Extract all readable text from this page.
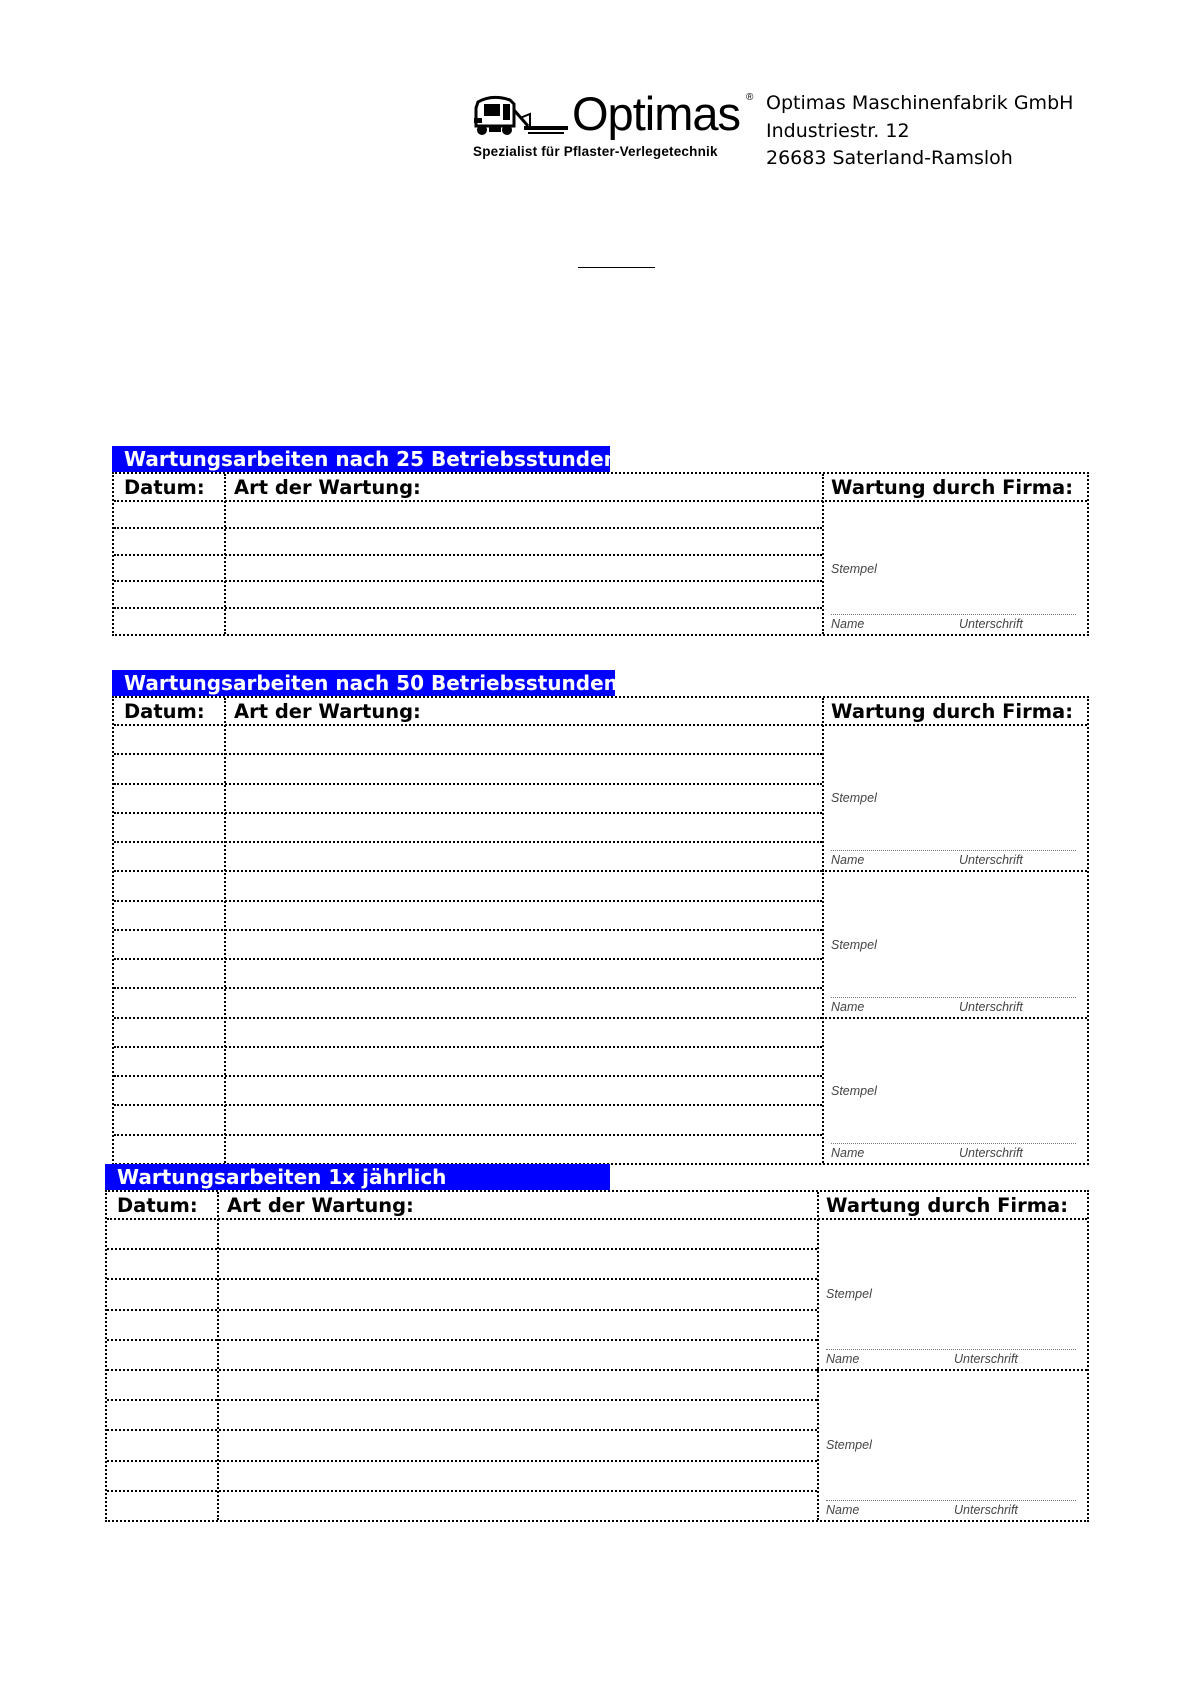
Optimas ®
Spezialist für Pflaster-Verlegetechnik
Optimas Maschinenfabrik GmbH
Industriestr. 12
26683 Saterland-Ramsloh
Wartungsarbeiten nach 25 Betriebsstunden
Datum: Art der Wartung:	Wartung durch Firma:
Stempel
Name	Unterschrift
Wartungsarbeiten nach 50 Betriebsstunden
Datum: Art der Wartung:	Wartung durch Firma:
Stempel
Name	Unterschrift
Stempel
Name	Unterschrift
Stempel
Name	Unterschrift
Wartungsarbeiten 1x jährlich
Datum: Art der Wartung:	Wartung durch Firma:
Stempel
Name	Unterschrift
Stempel
Name	Unterschrift
